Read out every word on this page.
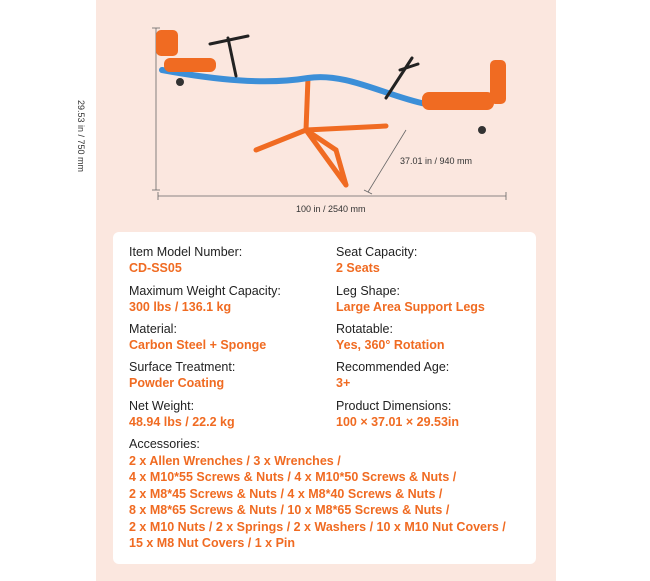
29.53 in / 750 mm	37.01 in / 940 mm
100 in / 2540 mm
Item Model Number:
CD-SS05
Seat Capacity:
2 Seats
Maximum Weight Capacity:
300 lbs / 136.1 kg
Leg Shape:
Large Area Support Legs
Material:
Carbon Steel + Sponge
Rotatable:
Yes, 360° Rotation
Surface Treatment:
Powder Coating
Recommended Age:
3+
Net Weight:
48.94 lbs / 22.2 kg
Product Dimensions:
100 × 37.01 × 29.53in
Accessories:
2 x Allen Wrenches / 3 x Wrenches /
4 x M10*55 Screws & Nuts / 4 x M10*50 Screws & Nuts /
2 x M8*45 Screws & Nuts / 4 x M8*40 Screws & Nuts /
8 x M8*65 Screws & Nuts / 10 x M8*65 Screws & Nuts /
2 x M10 Nuts / 2 x Springs / 2 x Washers / 10 x M10 Nut Covers /
15 x M8 Nut Covers / 1 x Pin
